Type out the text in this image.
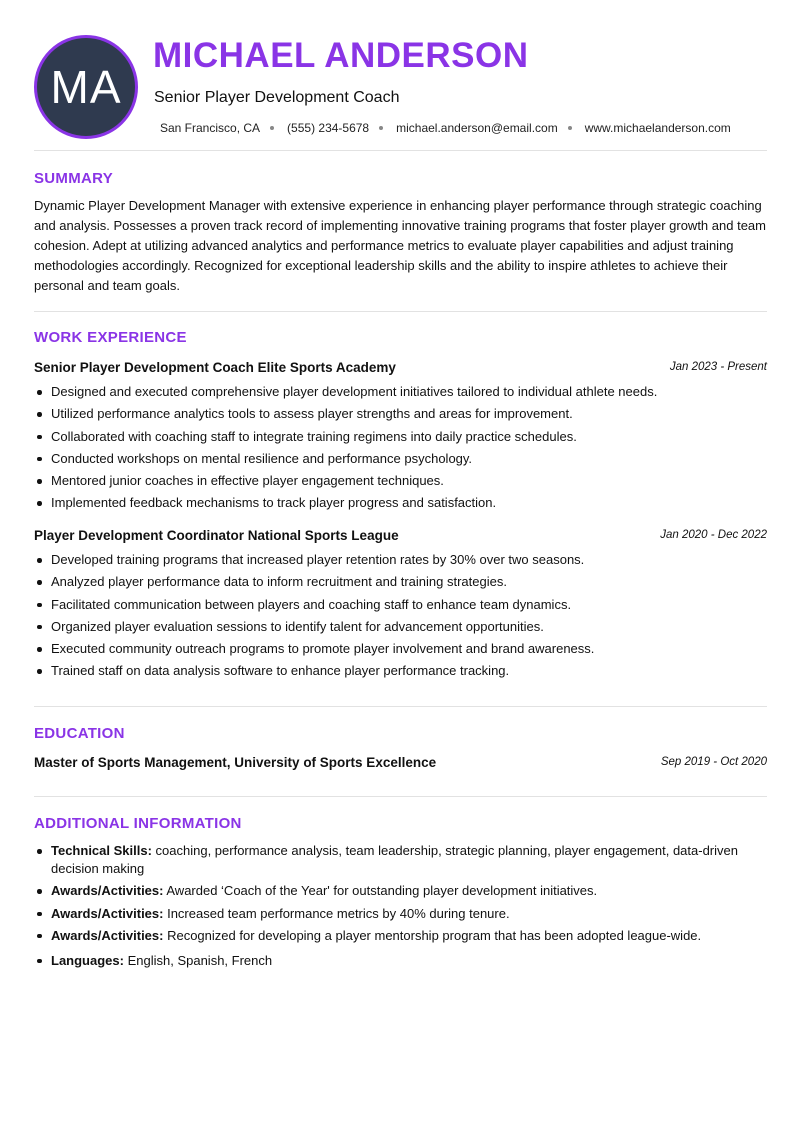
MA
MICHAEL ANDERSON
Senior Player Development Coach
San Francisco, CA (555) 234-5678 michael.anderson@email.com www.michaelanderson.com
SUMMARY

Dynamic Player Development Manager with extensive experience in enhancing player performance through strategic coaching and analysis. Possesses a proven track record of implementing innovative training programs that foster player growth and team cohesion. Adept at utilizing advanced analytics and performance metrics to evaluate player capabilities and adjust training methodologies accordingly. Recognized for exceptional leadership skills and the ability to inspire athletes to achieve their personal and team goals.

WORK EXPERIENCE
Senior Player Development Coach Elite Sports Academy	Jan 2023 - Present
Designed and executed comprehensive player development initiatives tailored to individual athlete needs.
Utilized performance analytics tools to assess player strengths and areas for improvement.
Collaborated with coaching staff to integrate training regimens into daily practice schedules.
Conducted workshops on mental resilience and performance psychology.
Mentored junior coaches in effective player engagement techniques.
Implemented feedback mechanisms to track player progress and satisfaction.
Player Development Coordinator National Sports League	Jan 2020 - Dec 2022
Developed training programs that increased player retention rates by 30% over two seasons.
Analyzed player performance data to inform recruitment and training strategies.
Facilitated communication between players and coaching staff to enhance team dynamics.
Organized player evaluation sessions to identify talent for advancement opportunities.
Executed community outreach programs to promote player involvement and brand awareness.
Trained staff on data analysis software to enhance player performance tracking.
EDUCATION
Master of Sports Management, University of Sports Excellence	Sep 2019 - Oct 2020
ADDITIONAL INFORMATION
Technical Skills: coaching, performance analysis, team leadership, strategic planning, player engagement, data-driven decision making
Awards/Activities: Awarded ‘Coach of the Year' for outstanding player development initiatives.
Awards/Activities: Increased team performance metrics by 40% during tenure.
Awards/Activities: Recognized for developing a player mentorship program that has been adopted league-wide.
Languages: English, Spanish, French
